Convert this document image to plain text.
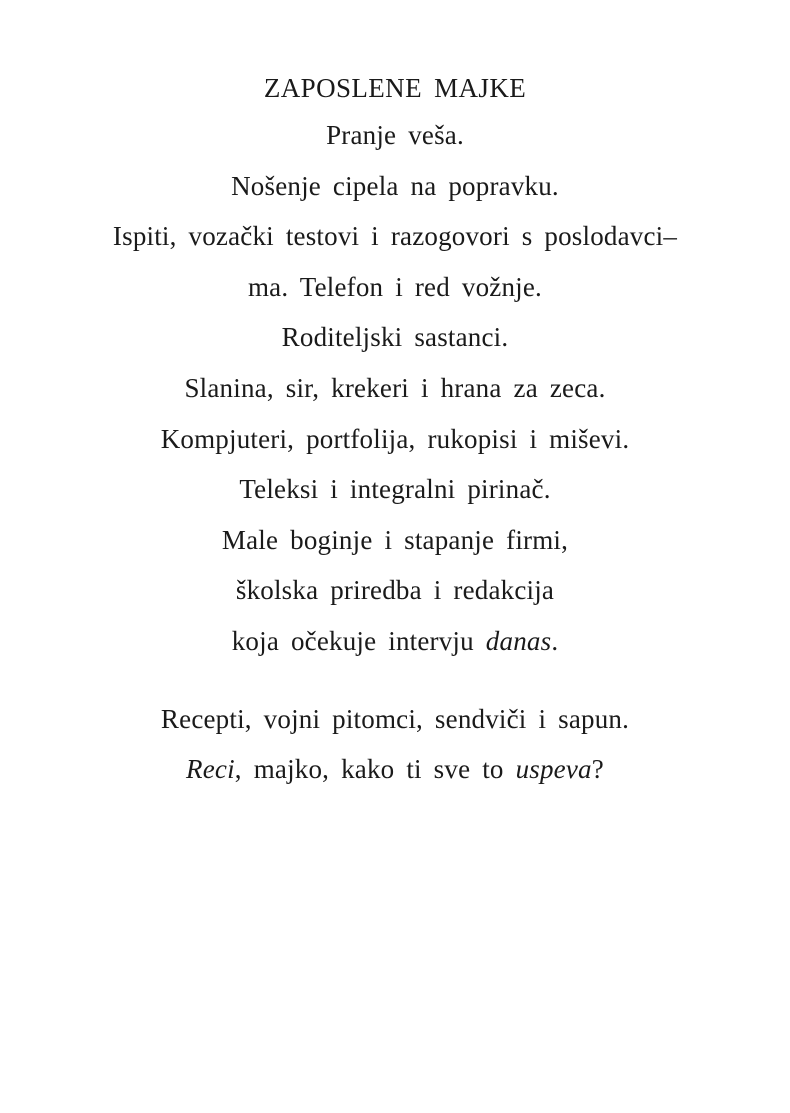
ZAPOSLENE MAJKE

Pranje veša.

Nošenje cipela na popravku.

Ispiti, vozački testovi i razogovori s poslodavci–

ma. Telefon i red vožnje.

Roditeljski sastanci.

Slanina, sir, krekeri i hrana za zeca.

Kompjuteri, portfolija, rukopisi i miševi.

Teleksi i integralni pirinač.

Male boginje i stapanje firmi,

školska priredba i redakcija

koja očekuje intervju danas.

Recepti, vojni pitomci, sendviči i sapun.

Reci, majko, kako ti sve to uspeva?
